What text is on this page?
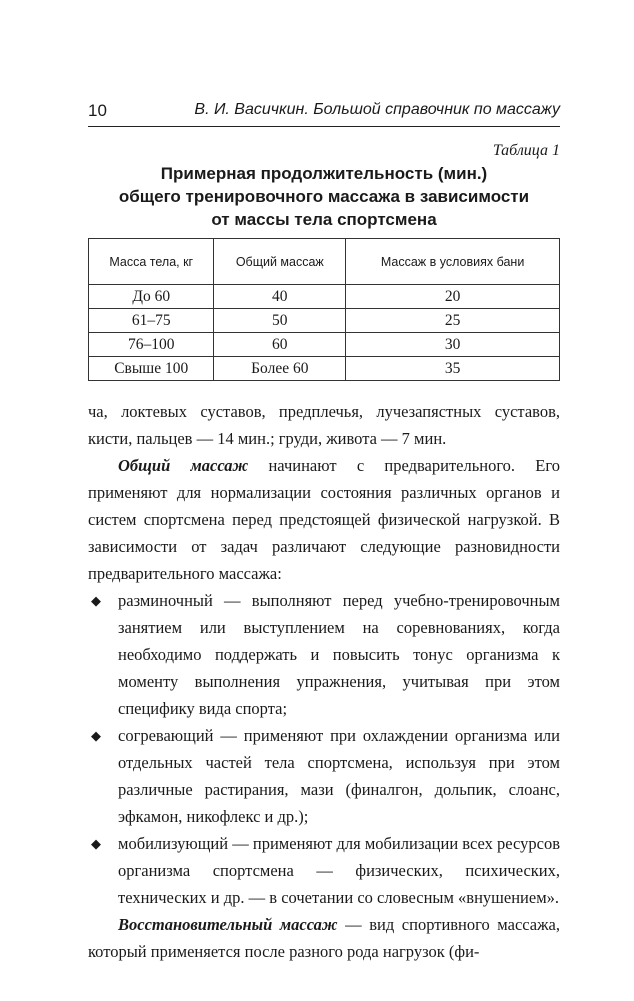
10	В. И. Васичкин. Большой справочник по массажу
Таблица 1
Примерная продолжительность (мин.)
общего тренировочного массажа в зависимости
от массы тела спортсмена
Масса тела, кг	Общий массаж	Массаж в условиях бани
До 60	40	20
61–75	50	25
76–100	60	30
Свыше 100	Более 60	35

ча, локтевых суставов, предплечья, лучезапястных суставов, кисти, пальцев — 14 мин.; груди, живота — 7 мин.

Общий массаж начинают с предварительного. Его применяют для нормализации состояния различных органов и систем спортсмена перед предстоящей физической нагрузкой. В зависимости от задач различают следующие разновидности предварительного массажа:

◆ разминочный — выполняют перед учебно-тренировочным занятием или выступлением на соревнованиях, когда необходимо поддержать и повысить тонус организма к моменту выполнения упражнения, учитывая при этом специфику вида спорта;
◆ согревающий — применяют при охлаждении организма или отдельных частей тела спортсмена, используя при этом различные растирания, мази (финалгон, дольпик, слоанс, эфкамон, никофлекс и др.);
◆ мобилизующий — применяют для мобилизации всех ресурсов организма спортсмена — физических, психических, технических и др. — в сочетании со словесным «внушением».

Восстановительный массаж — вид спортивного массажа, который применяется после разного рода нагрузок (фи-
